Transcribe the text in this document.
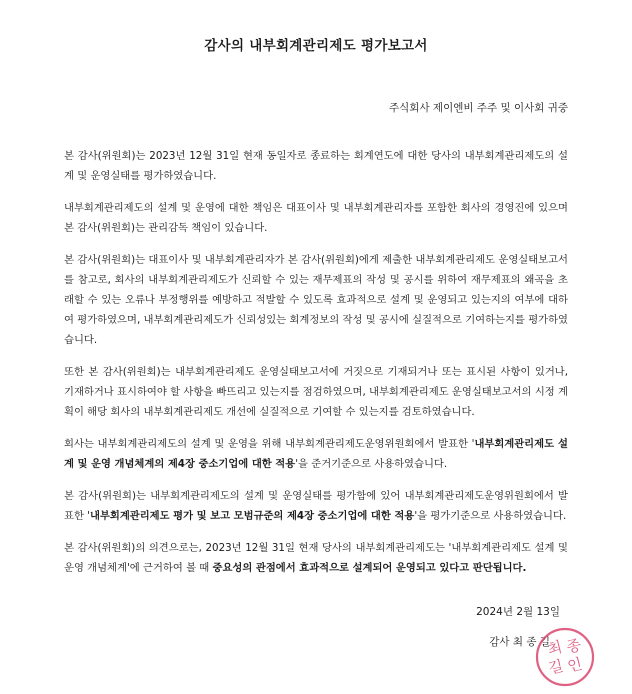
감사의 내부회계관리제도 평가보고서
주식회사 제이엔비 주주 및 이사회 귀중

본 감사(위원회)는 2023년 12월 31일 현재 동일자로 종료하는 회계연도에 대한 당사의 내부회계관리제도의 설계 및 운영실태를 평가하였습니다.

내부회계관리제도의 설계 및 운영에 대한 책임은 대표이사 및 내부회계관리자를 포함한 회사의 경영진에 있으며 본 감사(위원회)는 관리감독 책임이 있습니다.

본 감사(위원회)는 대표이사 및 내부회계관리자가 본 감사(위원회)에게 제출한 내부회계관리제도 운영실태보고서를 참고로, 회사의 내부회계관리제도가 신뢰할 수 있는 재무제표의 작성 및 공시를 위하여 재무제표의 왜곡을 초래할 수 있는 오류나 부정행위를 예방하고 적발할 수 있도록 효과적으로 설계 및 운영되고 있는지의 여부에 대하여 평가하였으며, 내부회계관리제도가 신뢰성있는 회계정보의 작성 및 공시에 실질적으로 기여하는지를 평가하였습니다.

또한 본 감사(위원회)는 내부회계관리제도 운영실태보고서에 거짓으로 기재되거나 또는 표시된 사항이 있거나, 기재하거나 표시하여야 할 사항을 빠뜨리고 있는지를 점검하였으며, 내부회계관리제도 운영실태보고서의 시정 계획이 해당 회사의 내부회계관리제도 개선에 실질적으로 기여할 수 있는지를 검토하였습니다.

회사는 내부회계관리제도의 설계 및 운영을 위해 내부회계관리제도운영위원회에서 발표한 '내부회계관리제도 설계 및 운영 개념체계의 제4장 중소기업에 대한 적용'을 준거기준으로 사용하였습니다.

본 감사(위원회)는 내부회계관리제도의 설계 및 운영실태를 평가함에 있어 내부회계관리제도운영위원회에서 발표한 '내부회계관리제도 평가 및 보고 모범규준의 제4장 중소기업에 대한 적용'을 평가기준으로 사용하였습니다.

본 감사(위원회)의 의견으로는, 2023년 12월 31일 현재 당사의 내부회계관리제도는 '내부회계관리제도 설계 및 운영 개념체계'에 근거하여 볼 때 중요성의 관점에서 효과적으로 설계되어 운영되고 있다고 판단됩니다.

2024년 2월 13일
감사 최 종 길
최 종
길 인
